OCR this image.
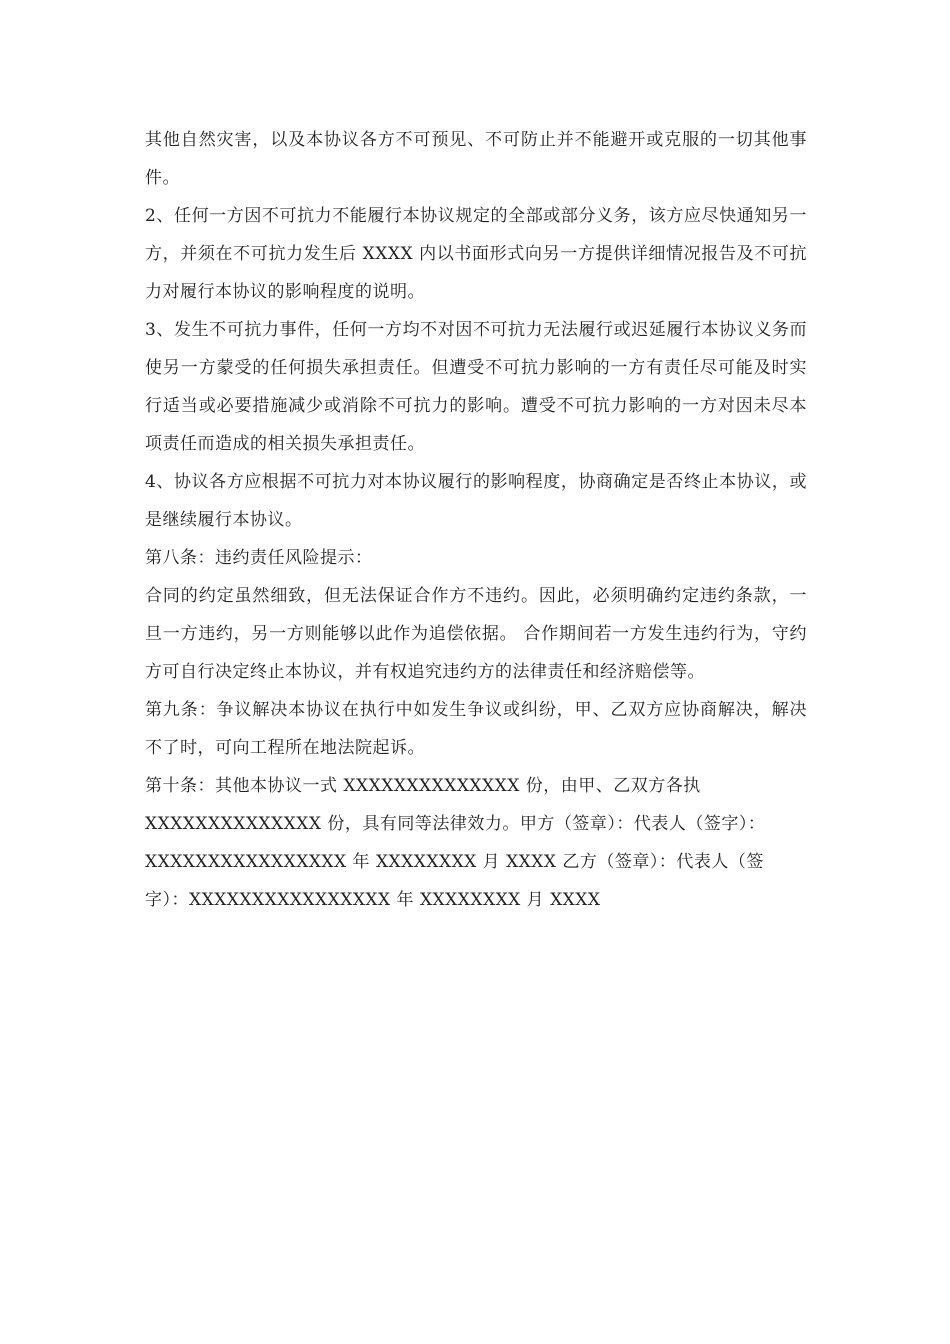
其他自然灾害，以及本协议各方不可预见、不可防止并不能避开或克服的一切其他事件。

2、任何一方因不可抗力不能履行本协议规定的全部或部分义务，该方应尽快通知另一方，并须在不可抗力发生后 XXXX 内以书面形式向另一方提供详细情况报告及不可抗力对履行本协议的影响程度的说明。

3、发生不可抗力事件，任何一方均不对因不可抗力无法履行或迟延履行本协议义务而使另一方蒙受的任何损失承担责任。但遭受不可抗力影响的一方有责任尽可能及时实行适当或必要措施减少或消除不可抗力的影响。遭受不可抗力影响的一方对因未尽本项责任而造成的相关损失承担责任。

4、协议各方应根据不可抗力对本协议履行的影响程度，协商确定是否终止本协议，或是继续履行本协议。

第八条：违约责任风险提示：

合同的约定虽然细致，但无法保证合作方不违约。因此，必须明确约定违约条款，一旦一方违约，另一方则能够以此作为追偿依据。 合作期间若一方发生违约行为，守约方可自行决定终止本协议，并有权追究违约方的法律责任和经济赔偿等。

第九条：争议解决本协议在执行中如发生争议或纠纷，甲、乙双方应协商解决，解决不了时，可向工程所在地法院起诉。

第十条：其他本协议一式 XXXXXXXXXXXXXX 份，由甲、乙双方各执 XXXXXXXXXXXXXX 份，具有同等法律效力。甲方（签章）：代表人（签字）：XXXXXXXXXXXXXXXX 年 XXXXXXXX 月 XXXX 乙方（签章）：代表人（签字）：XXXXXXXXXXXXXXXX 年 XXXXXXXX 月 XXXX
